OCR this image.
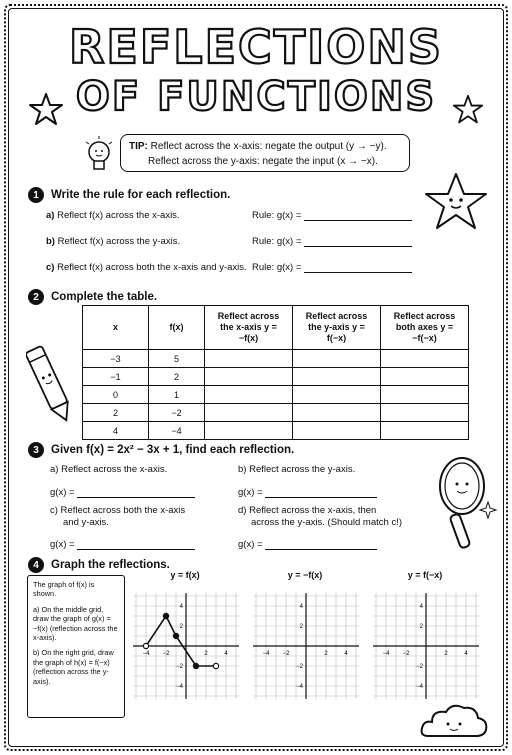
REFLECTIONS
OF FUNCTIONS
TIP: Reflect across the x-axis: negate the output (y → −y).
Reflect across the y-axis: negate the input (x → −x).
1	Write the rule for each reflection.
a) Reflect f(x) across the x-axis.	Rule: g(x) =
b) Reflect f(x) across the y-axis.	Rule: g(x) =
c) Reflect f(x) across both the x-axis and y-axis. Rule: g(x) =
2	Complete the table.
x	f(x)	Reflect across the x-axis y = −f(x)	Reflect across the y-axis y = f(−x)	Reflect across both axes y = −f(−x)
−3	5			
−1	2			
0	1			
2	−2			
4	−4			
3	Given f(x) = 2x² − 3x + 1, find each reflection.
a) Reflect across the x-axis.	b) Reflect across the y-axis.
g(x) =	g(x) =
c) Reflect across both the x-axis
and y-axis.
d) Reflect across the x-axis, then
across the y-axis. (Should match c!)
g(x) =	g(x) =
4	Graph the reflections.
The graph of f(x) is shown.
a) On the middle grid, draw the graph of g(x) = −f(x) (reflection across the x-axis).
b) On the right grid, draw the graph of h(x) = f(−x) (reflection across the y-axis).
y = f(x)	y = −f(x)	y = f(−x)
−4 −2	2	4
4
2
−2
−4
−4 −2	2	4
4
2
−2
−4
−4 −2	2	4
4
2
−2
−4
